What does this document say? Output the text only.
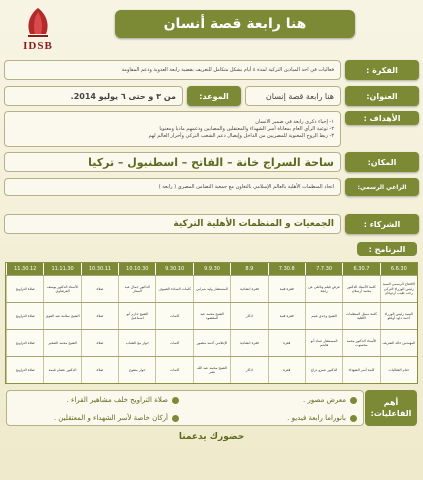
IDSB
هنا رابعة قصة أنسان
الفكرة :
فعاليات في احد الميادين التركية لمدة ٤ أيام بشكل متكامل للتعريف بقضية رابعة العدوية ودعم المقاومة
العنوان:
هنا رابعة قصة إنسان
الموعد:
من ٣ و حتى ٦ يوليو 2014.
الأهداف :
١- إحياء ذكرى رابعة في ضمير الانسان
٢- توعية الرأي العام بمعاناة أسر الشهداء والمعتقلين والمصابين ودعمهم ماديا ومعنويا
٣- ربط الروح المعنوية للمصريين من الداخل وإيصال دعم الشعب التركي وأحرار العالم لهم
المكان:
ساحة السراج خانة – الفاتح – اسطنبول – تركيا
الراعي الرسمي:
اتحاد المنظمات الأهلية بالعالم الإسلامي بالتعاون مع جمعية التضامن المصري ( رابعة )
الشركاء :
الجمعيات و المنظمات الأهلية التركية
البرنامج :
6.6.30
6.30.7
7.7.30
7.30.8
8.9
9.9.30
9.30.10
10.10.30
10.30.11
11.11.30
11.30.12
الافتتاح الرسمي السيد رئيس الوزراء التركي رجب طيب أردوغان
كلمة الأستاذ الدكتور محمد أرسلان
عرض فيلم وثائقي عن رابعة
فقرة فنية
فقرة انشادية
المستشار وليد شرابي
كلمات السادة الضيوف
الدكتور جمال عبد الستار
صلاة
الأستاذ الدكتور يوسف القرضاوي
صلاة التراويح
السيد رئيس الوزراء أحمد داود أوغلو
كلمة ممثل المنظمات الأهلية
الشيخ وجدي غنيم
فقرة فنية
اذكار
الشيخ محمد عبد المقصود
كلمات
الشيخ حازم أبو اسماعيل
صلاة
الشيخ سلامة عبد القوي
صلاة التراويح
المهندس خالد الشريف
الأستاذ الدكتور محمد محسوب
المستشار عماد أبو هاشم
فقرة
فقرة انشادية
الإعلامي أحمد منصور
كلمات
حوار مع الشباب
صلاة
الشيخ محمد الصغير
صلاة التراويح
ختام الفعاليات
كلمة أسر الشهداء
الدكتور عمرو دراج
فقرة
اذكار
الشيخ محمد عبد الله نصر
كلمات
حوار مفتوح
صلاة
الدكتور عصام تليمة
صلاة التراويح
أهم
الفاعليات:
معرض مصور .
صلاة التراويح خلف مشاهير القراء .
بانوراما رابعة فيديو .
أركان خاصة لأسر الشهداء و المعتقلين .
حضورك يدعمنا
